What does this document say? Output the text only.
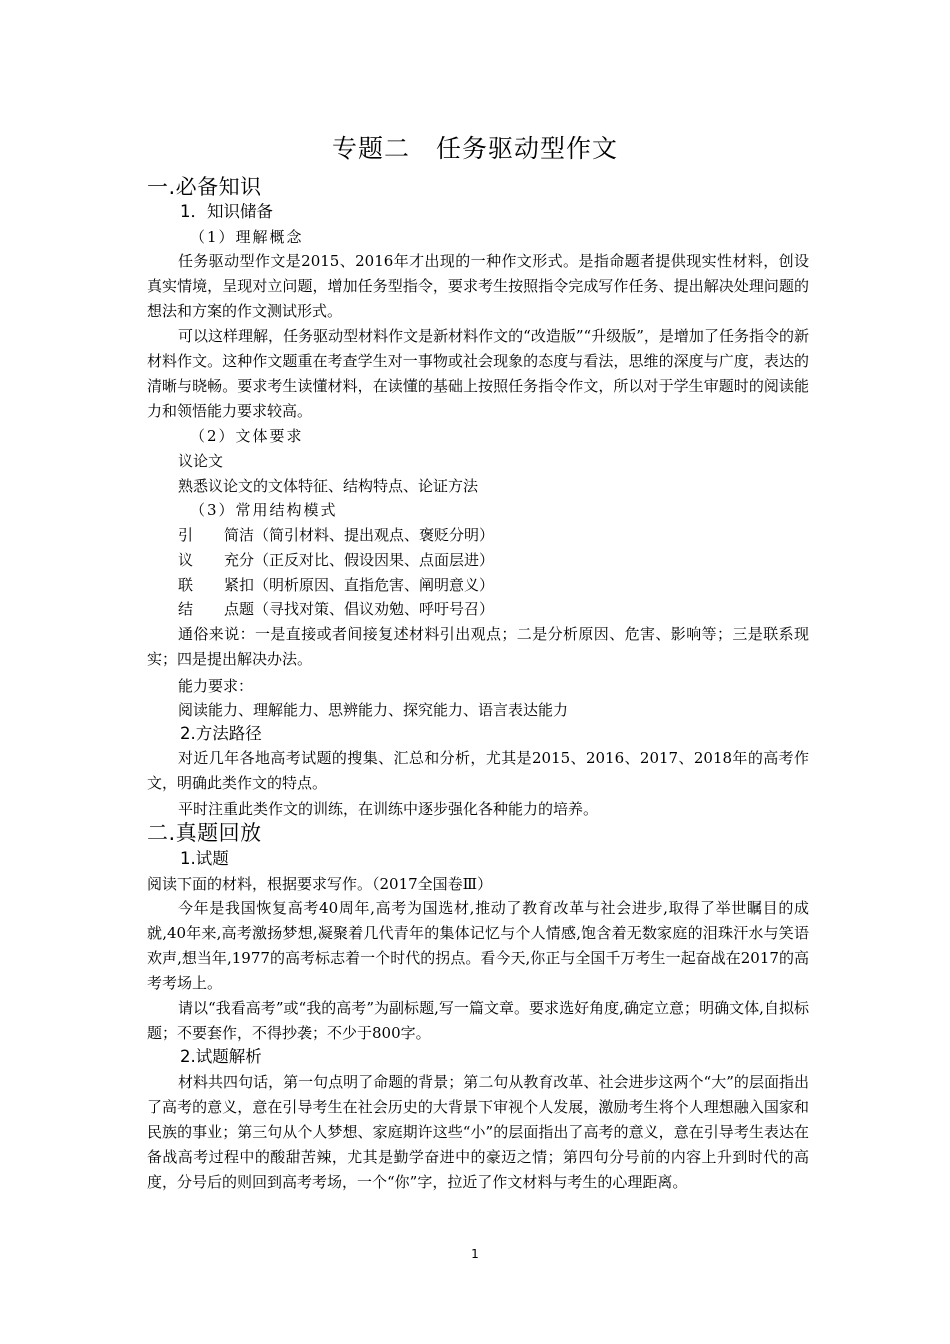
专题二　任务驱动型作文
一.必备知识
1．知识储备
（1）理解概念
任务驱动型作文是2015、2016年才出现的一种作文形式。是指命题者提供现实性材料，创设真实情境，呈现对立问题，增加任务型指令，要求考生按照指令完成写作任务、提出解决处理问题的想法和方案的作文测试形式。
可以这样理解，任务驱动型材料作文是新材料作文的“改造版”“升级版”，是增加了任务指令的新材料作文。这种作文题重在考查学生对一事物或社会现象的态度与看法，思维的深度与广度，表达的清晰与晓畅。要求考生读懂材料，在读懂的基础上按照任务指令作文，所以对于学生审题时的阅读能力和领悟能力要求较高。
（2）文体要求
议论文
熟悉议论文的文体特征、结构特点、论证方法
（3）常用结构模式
引 简洁（简引材料、提出观点、褒贬分明）
议 充分（正反对比、假设因果、点面层进）
联 紧扣（明析原因、直指危害、阐明意义）
结 点题（寻找对策、倡议劝勉、呼吁号召）
通俗来说：一是直接或者间接复述材料引出观点；二是分析原因、危害、影响等；三是联系现实；四是提出解决办法。
能力要求：
阅读能力、理解能力、思辨能力、探究能力、语言表达能力
2.方法路径
对近几年各地高考试题的搜集、汇总和分析，尤其是2015、2016、2017、2018年的高考作文，明确此类作文的特点。
平时注重此类作文的训练，在训练中逐步强化各种能力的培养。
二.真题回放
1.试题
阅读下面的材料，根据要求写作。（2017全国卷Ⅲ）
今年是我国恢复高考40周年,高考为国选材,推动了教育改革与社会进步,取得了举世瞩目的成就,40年来,高考激扬梦想,凝聚着几代青年的集体记忆与个人情感,饱含着无数家庭的泪珠汗水与笑语欢声,想当年,1977的高考标志着一个时代的拐点。看今天,你正与全国千万考生一起奋战在2017的高考考场上。
请以“我看高考”或“我的高考”为副标题,写一篇文章。要求选好角度,确定立意；明确文体,自拟标题；不要套作，不得抄袭；不少于800字。
2.试题解析
材料共四句话，第一句点明了命题的背景；第二句从教育改革、社会进步这两个“大”的层面指出了高考的意义，意在引导考生在社会历史的大背景下审视个人发展，激励考生将个人理想融入国家和民族的事业；第三句从个人梦想、家庭期许这些“小”的层面指出了高考的意义，意在引导考生表达在备战高考过程中的酸甜苦辣，尤其是勤学奋进中的豪迈之情；第四句分号前的内容上升到时代的高度，分号后的则回到高考考场，一个“你”字，拉近了作文材料与考生的心理距离。
1
